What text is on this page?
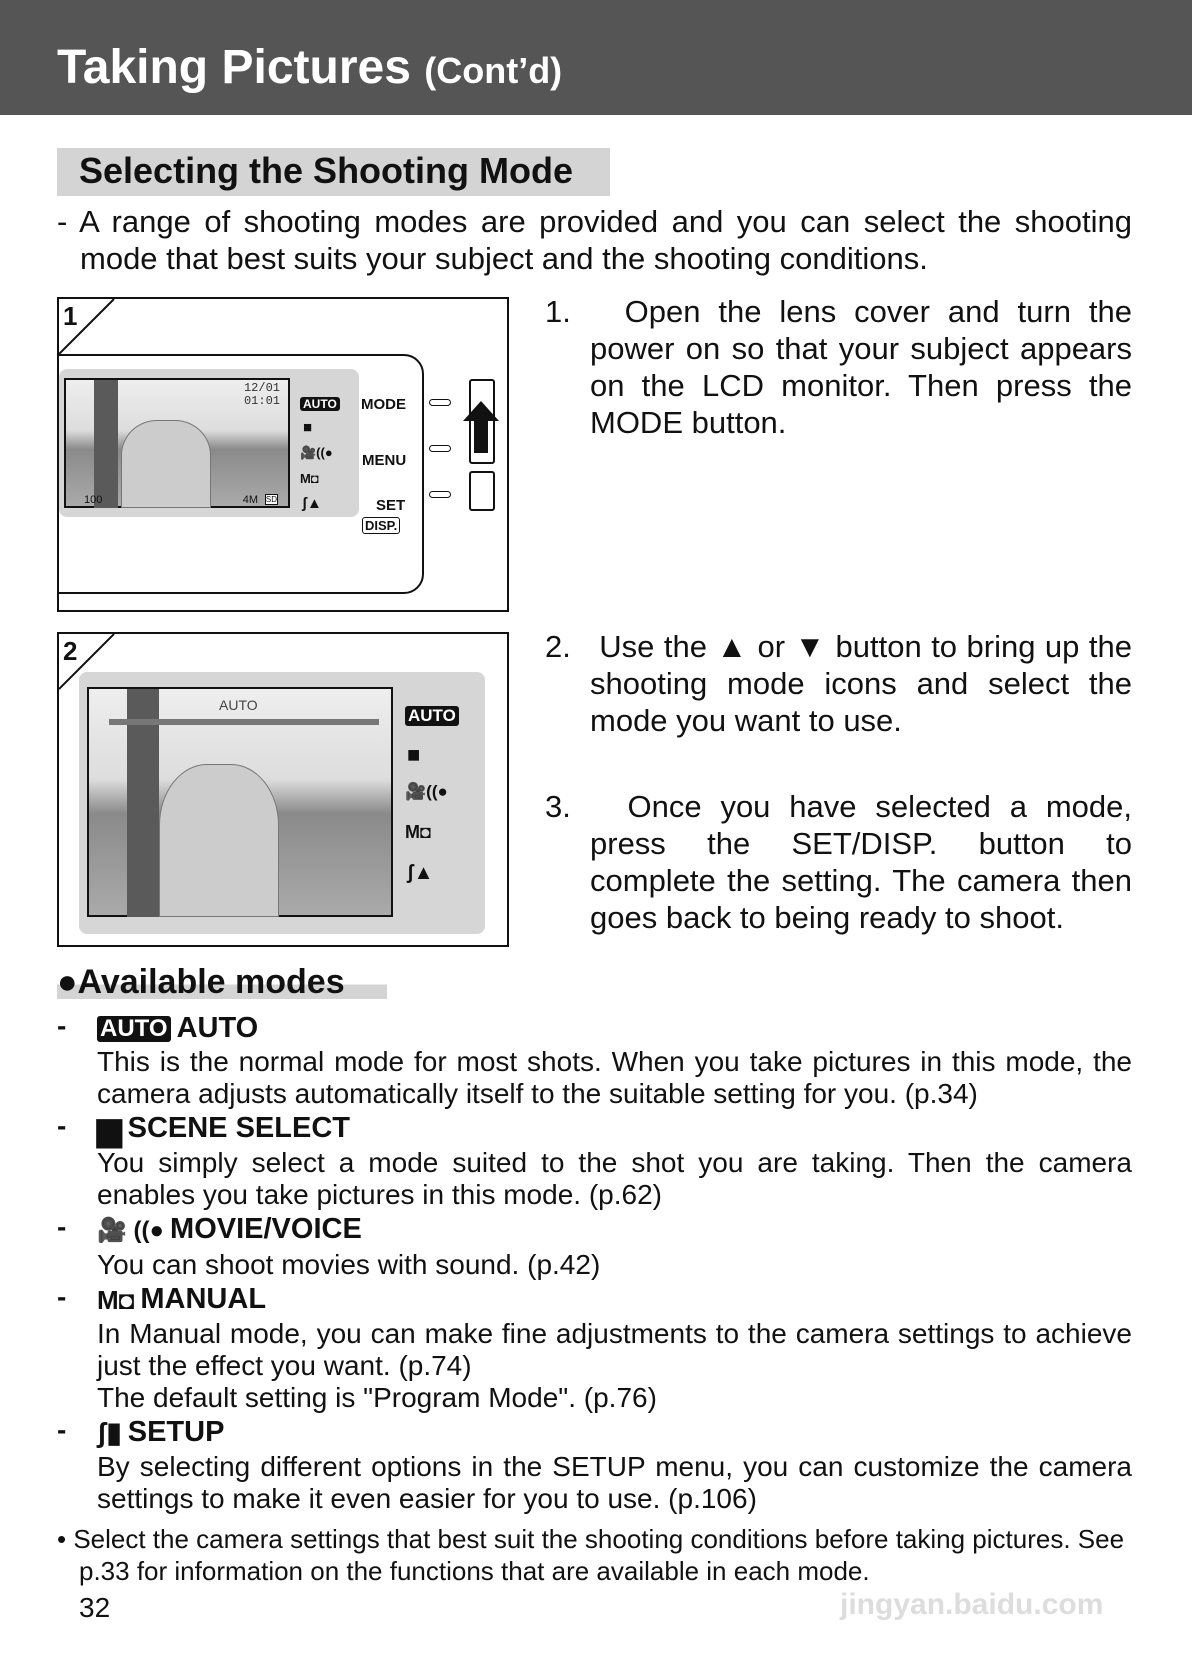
Taking Pictures (Cont’d)
Selecting the Shooting Mode
- A range of shooting modes are provided and you can select the shooting mode that best suits your subject and the shooting conditions.
1
12/01
01:01
100	4M SD
AUTO
■
🎥((●
M◘
ʃ▲
MODE
MENU
SET
DISP.
2
AUTO
AUTO
■
🎥((●
M◘
ʃ▲
1.   Open the lens cover and turn the power on so that your subject appears on the LCD monitor. Then press the MODE button.
2.   Use the ▲ or ▼ button to bring up the shooting mode icons and select the mode you want to use.
3.   Once you have selected a mode, press the SET/DISP. button to complete the setting. The camera then goes back to being ready to shoot.
●Available modes
- AUTO AUTO
This is the normal mode for most shots. When you take pictures in this mode, the camera adjusts automatically itself to the suitable setting for you. (p.34)
- ▆ SCENE SELECT
You simply select a mode suited to the shot you are taking. Then the camera enables you take pictures in this mode. (p.62)
- 🎥 ((● MOVIE/VOICE
You can shoot movies with sound. (p.42)
- M◘ MANUAL
In Manual mode, you can make fine adjustments to the camera settings to achieve just the effect you want. (p.74)
The default setting is "Program Mode". (p.76)
- ʃ▮ SETUP
By selecting different options in the SETUP menu, you can customize the camera settings to make it even easier for you to use. (p.106)
• Select the camera settings that best suit the shooting conditions before taking pictures. See p.33 for information on the functions that are available in each mode.
32	jingyan.baidu.com
